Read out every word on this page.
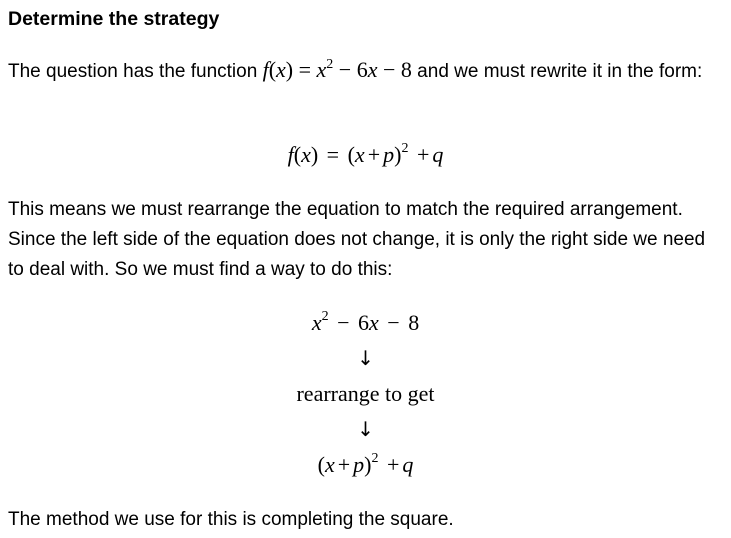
Determine the strategy
The question has the function $f(x) = x^2 - 6x - 8$ and we must rewrite it in the form:
$f(x) = (x + p)^2 + q$
This means we must rearrange the equation to match the required arrangement. Since the left side of the equation does not change, it is only the right side we need to deal with. So we must find a way to do this:
$x^2 - 6x - 8$
↓
rearrange to get
↓
$(x + p)^2 + q$
The method we use for this is completing the square.
